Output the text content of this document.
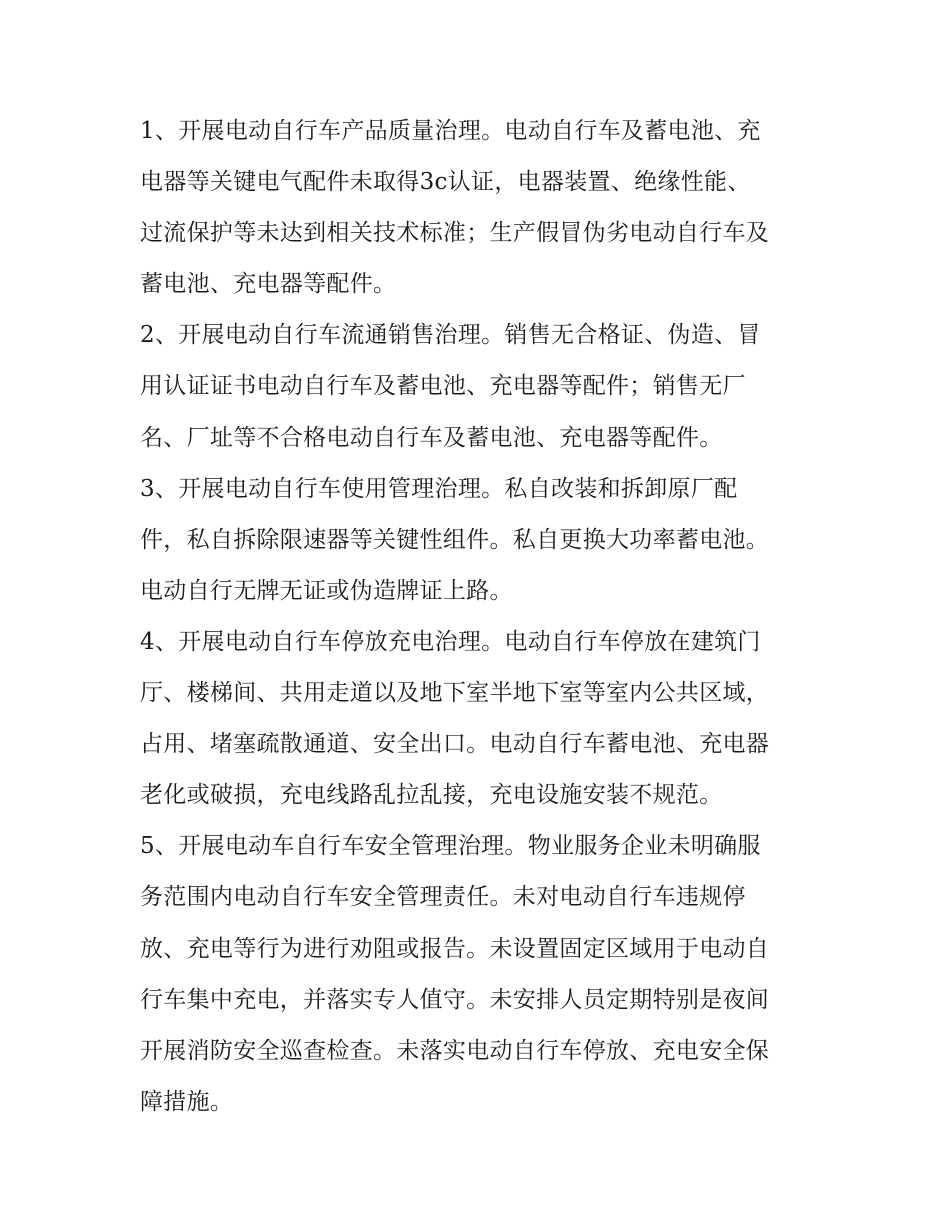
1、开展电动自行车产品质量治理。电动自行车及蓄电池、充
电器等关键电气配件未取得3c认证，电器装置、绝缘性能、
过流保护等未达到相关技术标准；生产假冒伪劣电动自行车及
蓄电池、充电器等配件。
2、开展电动自行车流通销售治理。销售无合格证、伪造、冒
用认证证书电动自行车及蓄电池、充电器等配件；销售无厂
名、厂址等不合格电动自行车及蓄电池、充电器等配件。
3、开展电动自行车使用管理治理。私自改装和拆卸原厂配
件，私自拆除限速器等关键性组件。私自更换大功率蓄电池。
电动自行无牌无证或伪造牌证上路。
4、开展电动自行车停放充电治理。电动自行车停放在建筑门
厅、楼梯间、共用走道以及地下室半地下室等室内公共区域，
占用、堵塞疏散通道、安全出口。电动自行车蓄电池、充电器
老化或破损，充电线路乱拉乱接，充电设施安装不规范。
5、开展电动车自行车安全管理治理。物业服务企业未明确服
务范围内电动自行车安全管理责任。未对电动自行车违规停
放、充电等行为进行劝阻或报告。未设置固定区域用于电动自
行车集中充电，并落实专人值守。未安排人员定期特别是夜间
开展消防安全巡查检查。未落实电动自行车停放、充电安全保
障措施。
